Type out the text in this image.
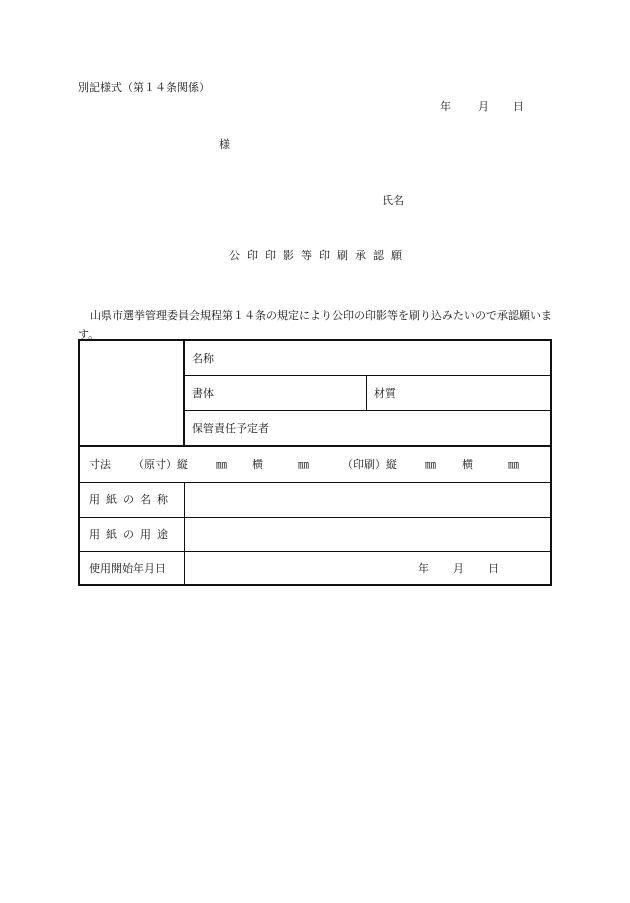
別記様式（第１４条関係）
年 月 日
様
氏名
公印印影等印刷承認願

山県市選挙管理委員会規程第１４条の規定により公印の印影等を刷り込みたいので承認願います。

名称
書体	材質
保管責任予定者
寸法 （原寸）縦	㎜ 横	㎜	（印刷）縦	㎜ 横	㎜
用紙の名称
用紙の用途
使用開始年月日	年 月 日
